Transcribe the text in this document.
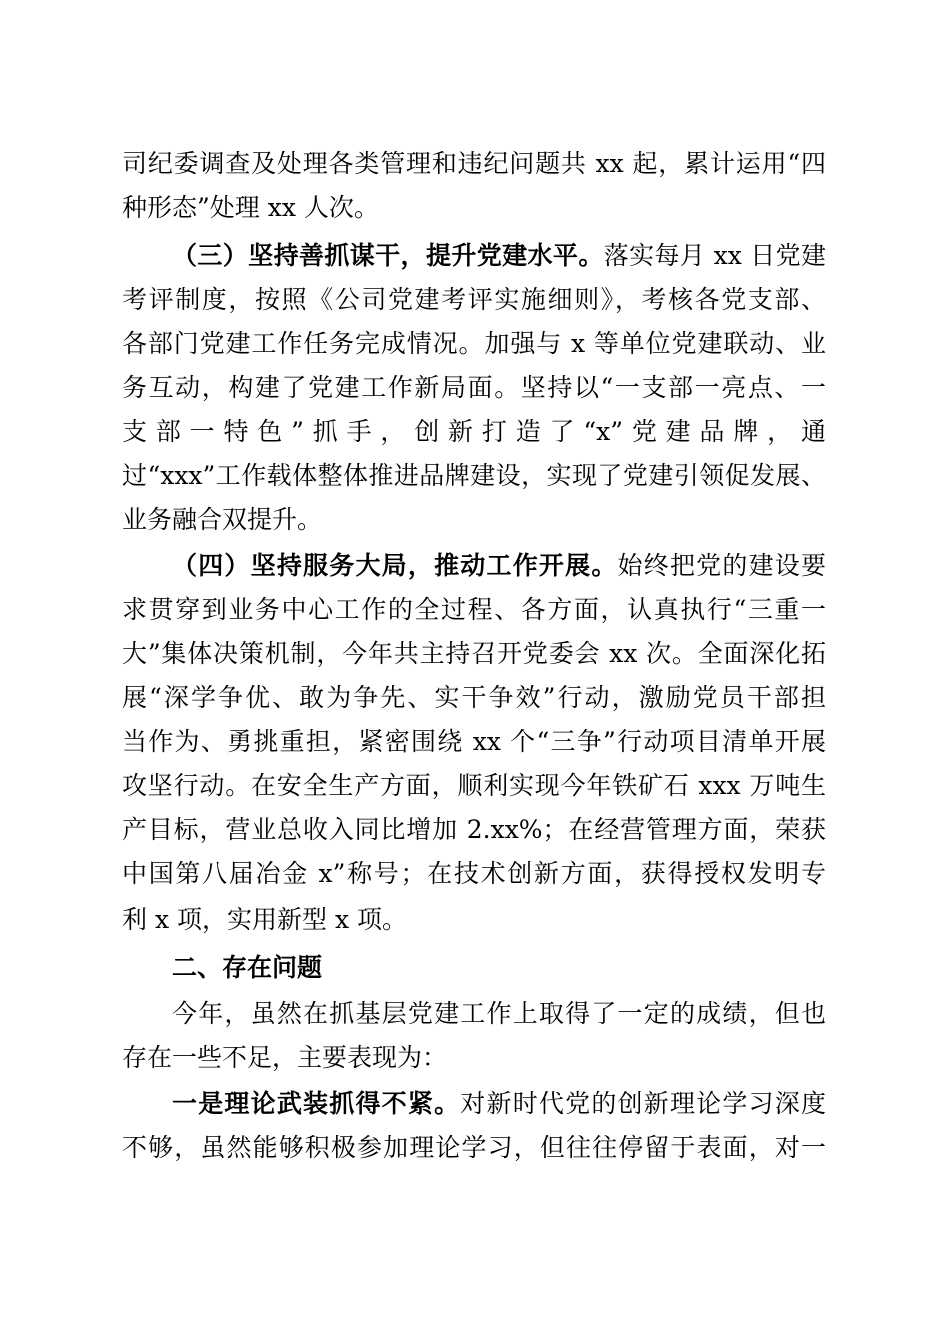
司纪委调查及处理各类管理和违纪问题共 xx 起，累计运用“四
种形态”处理 xx 人次。
（三）坚持善抓谋干，提升党建水平。落实每月 xx 日党建
考评制度，按照《公司党建考评实施细则》，考核各党支部、
各部门党建工作任务完成情况。加强与 x 等单位党建联动、业
务互动，构建了党建工作新局面。坚持以“一支部一亮点、一
支部一特色”抓手，创新打造了“x”党建品牌，通
过“xxx”工作载体整体推进品牌建设，实现了党建引领促发展、
业务融合双提升。
（四）坚持服务大局，推动工作开展。始终把党的建设要
求贯穿到业务中心工作的全过程、各方面，认真执行“三重一
大”集体决策机制，今年共主持召开党委会 xx 次。全面深化拓
展“深学争优、敢为争先、实干争效”行动，激励党员干部担
当作为、勇挑重担，紧密围绕 xx 个“三争”行动项目清单开展
攻坚行动。在安全生产方面，顺利实现今年铁矿石 xxx 万吨生
产目标，营业总收入同比增加 2.xx%；在经营管理方面，荣获
中国第八届冶金 x”称号；在技术创新方面，获得授权发明专
利 x 项，实用新型 x 项。
二、存在问题
今年，虽然在抓基层党建工作上取得了一定的成绩，但也
存在一些不足，主要表现为：
一是理论武装抓得不紧。对新时代党的创新理论学习深度
不够，虽然能够积极参加理论学习，但往往停留于表面，对一
